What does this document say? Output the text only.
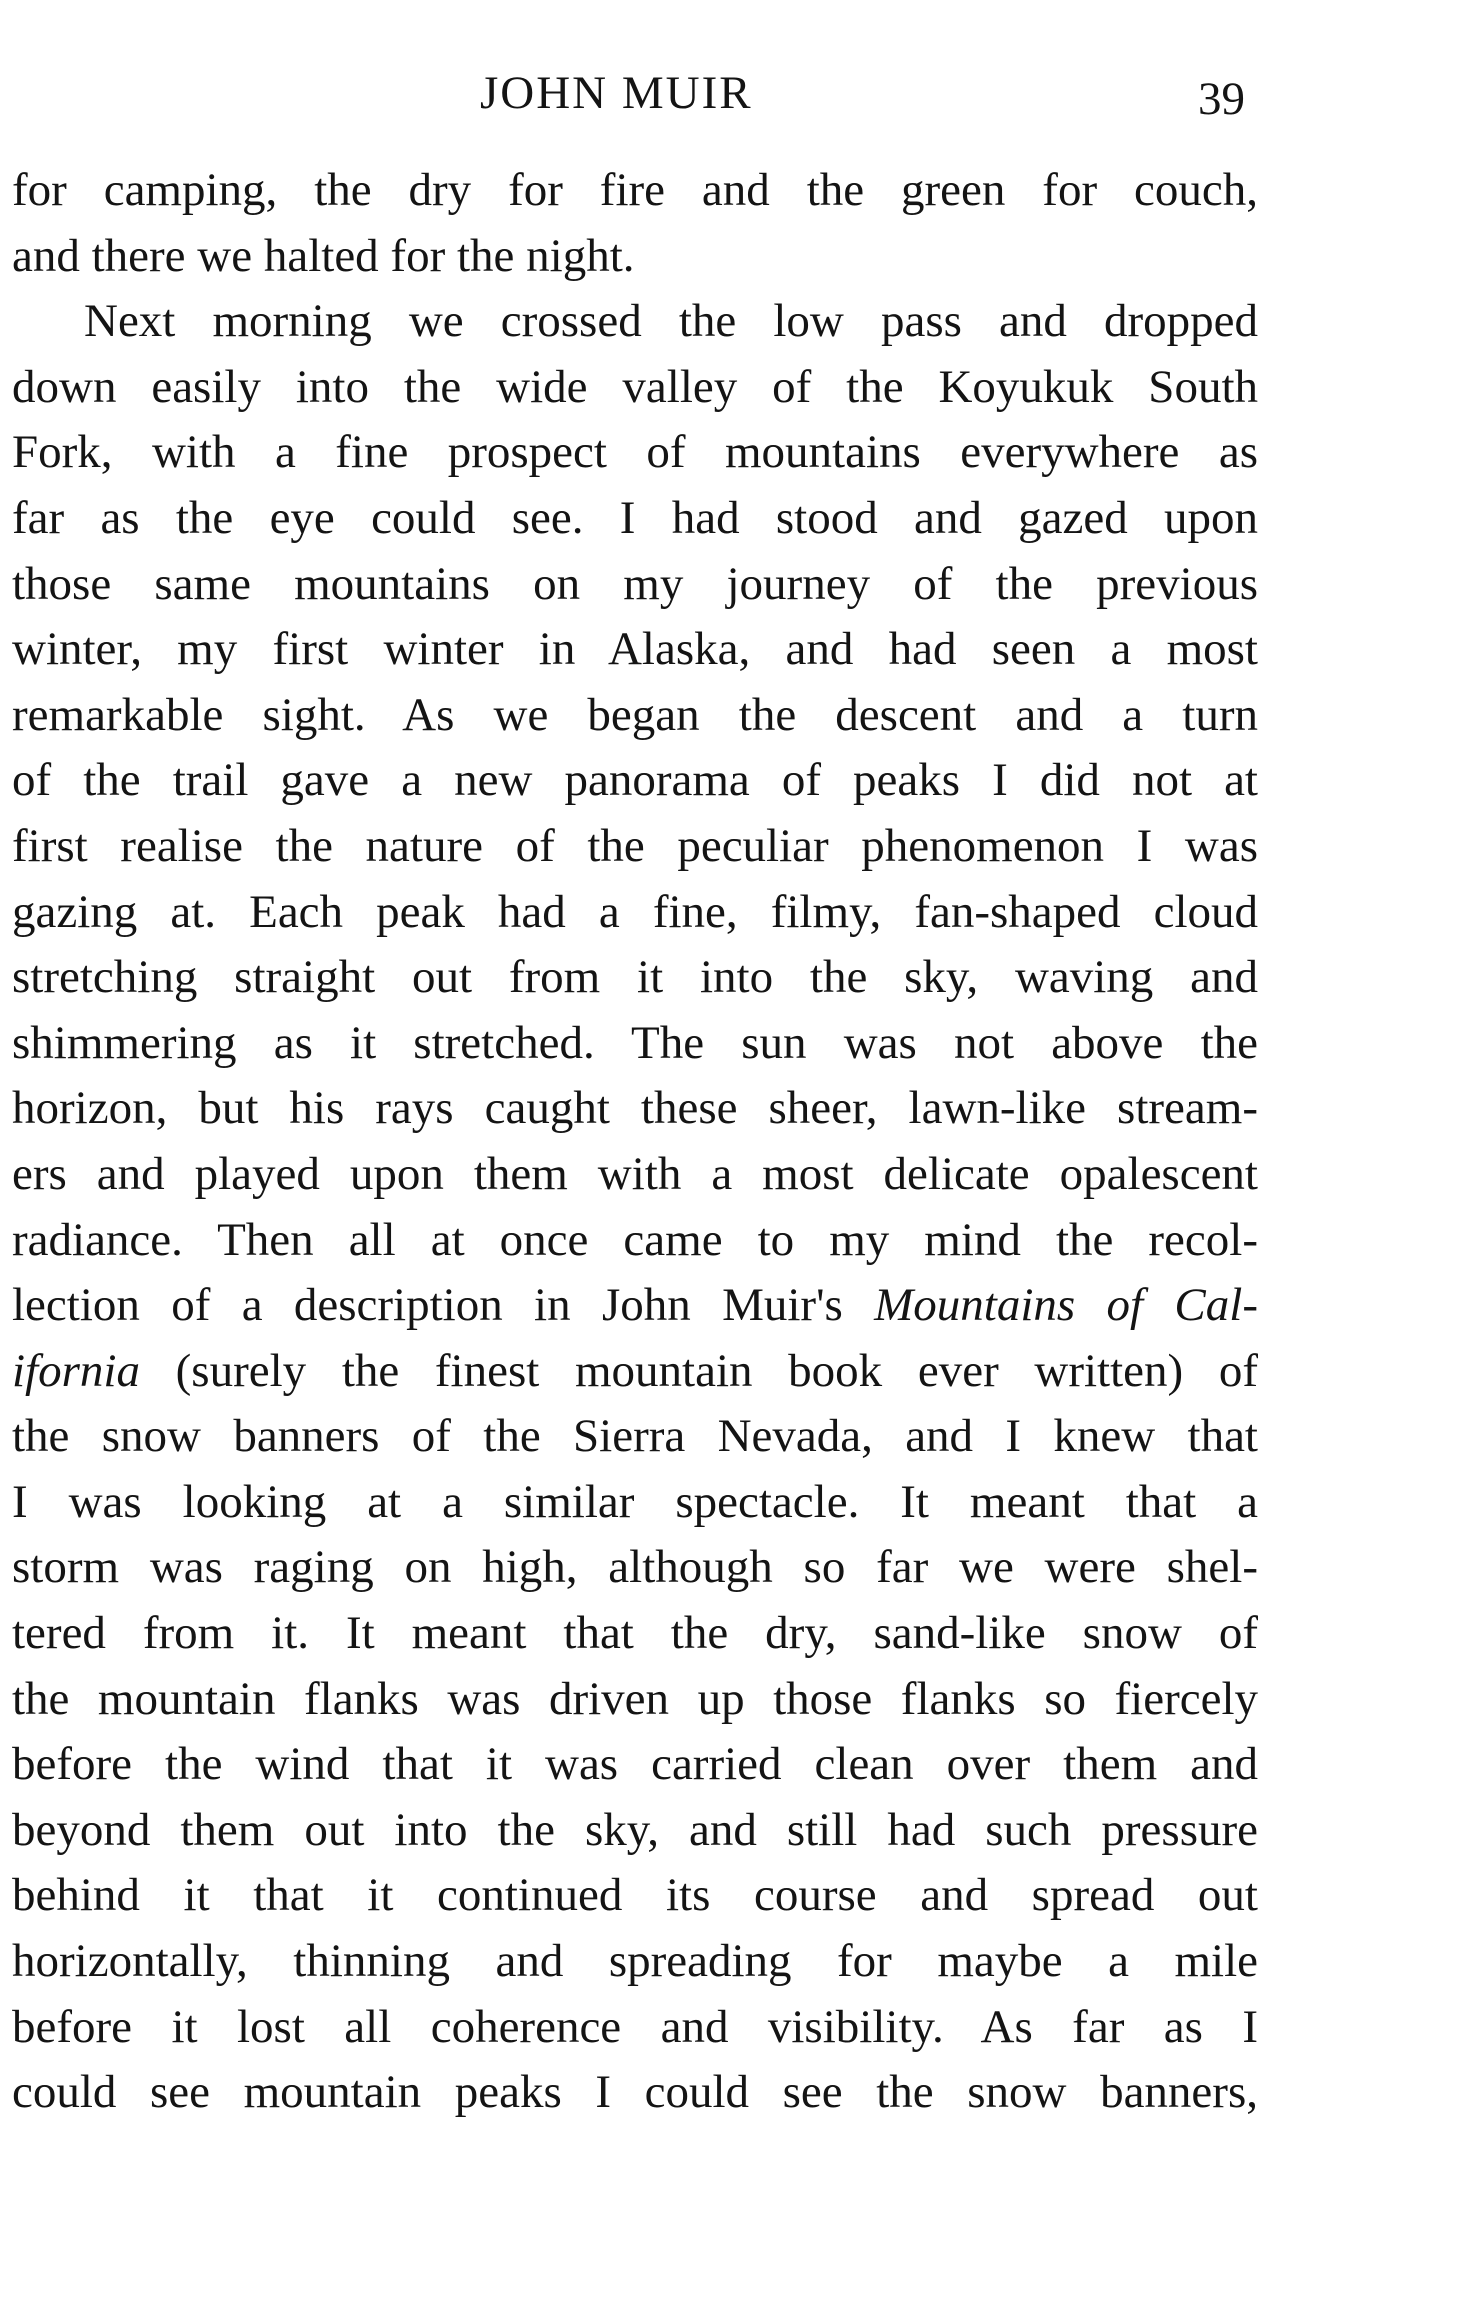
JOHN MUIR	39
for camping, the dry for fire and the green for couch,
and there we halted for the night.
Next morning we crossed the low pass and dropped
down easily into the wide valley of the Koyukuk South
Fork, with a fine prospect of mountains everywhere as
far as the eye could see. I had stood and gazed upon
those same mountains on my journey of the previous
winter, my first winter in Alaska, and had seen a most
remarkable sight. As we began the descent and a turn
of the trail gave a new panorama of peaks I did not at
first realise the nature of the peculiar phenomenon I was
gazing at. Each peak had a fine, filmy, fan-shaped cloud
stretching straight out from it into the sky, waving and
shimmering as it stretched. The sun was not above the
horizon, but his rays caught these sheer, lawn-like stream-
ers and played upon them with a most delicate opalescent
radiance. Then all at once came to my mind the recol-
lection of a description in John Muir's Mountains of Cal-
ifornia (surely the finest mountain book ever written) of
the snow banners of the Sierra Nevada, and I knew that
I was looking at a similar spectacle. It meant that a
storm was raging on high, although so far we were shel-
tered from it. It meant that the dry, sand-like snow of
the mountain flanks was driven up those flanks so fiercely
before the wind that it was carried clean over them and
beyond them out into the sky, and still had such pressure
behind it that it continued its course and spread out
horizontally, thinning and spreading for maybe a mile
before it lost all coherence and visibility. As far as I
could see mountain peaks I could see the snow banners,
